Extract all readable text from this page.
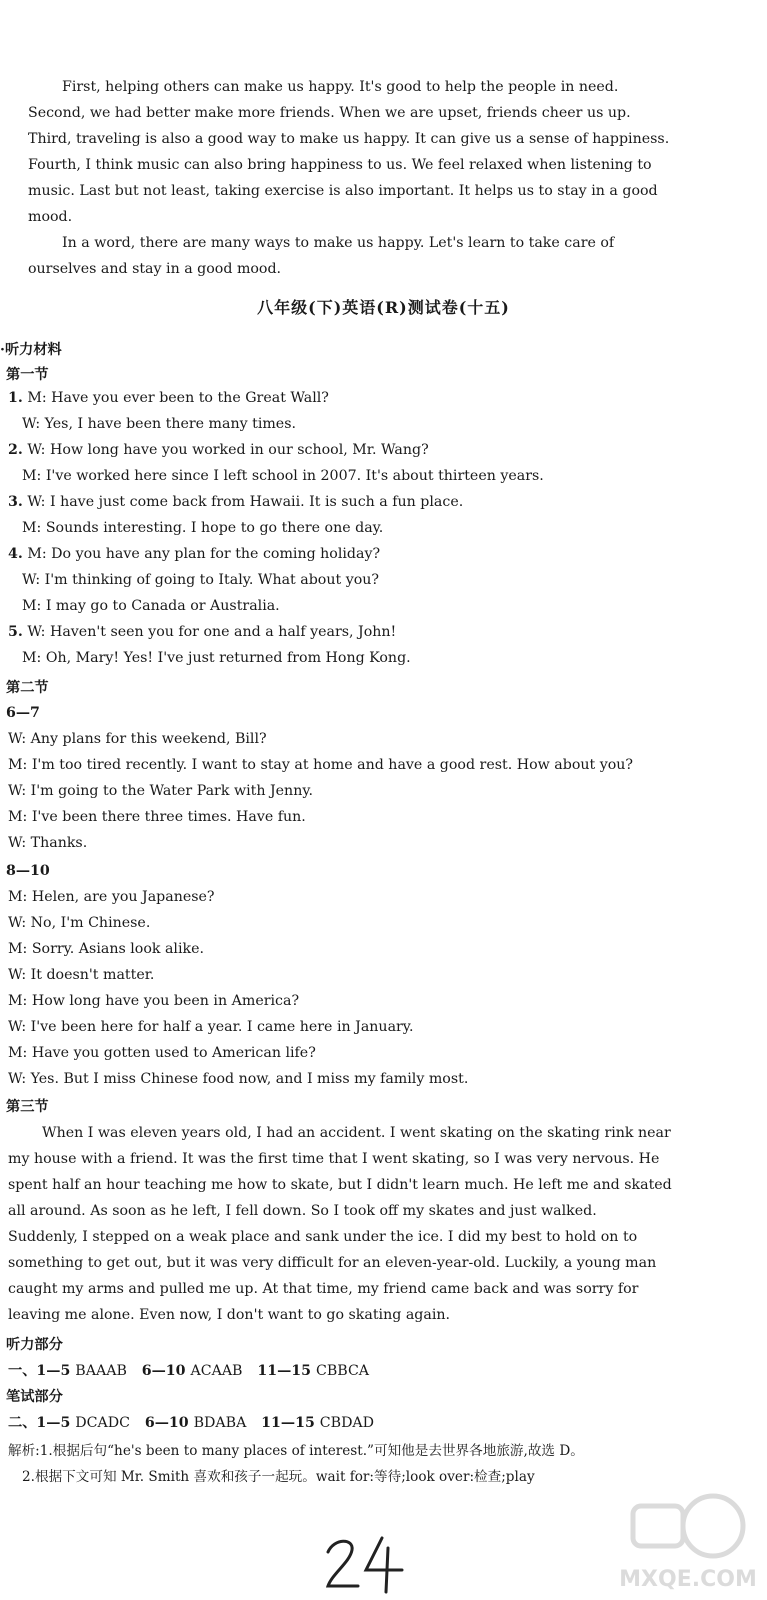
First, helping others can make us happy. It's good to help the people in need.
Second, we had better make more friends. When we are upset, friends cheer us up.
Third, traveling is also a good way to make us happy. It can give us a sense of happiness.
Fourth, I think music can also bring happiness to us. We feel relaxed when listening to
music. Last but not least, taking exercise is also important. It helps us to stay in a good
mood.
In a word, there are many ways to make us happy. Let's learn to take care of
ourselves and stay in a good mood.
八年级(下)英语(R)测试卷(十五)
·听力材料
第一节
1. M: Have you ever been to the Great Wall?
W: Yes, I have been there many times.
2. W: How long have you worked in our school, Mr. Wang?
M: I've worked here since I left school in 2007. It's about thirteen years.
3. W: I have just come back from Hawaii. It is such a fun place.
M: Sounds interesting. I hope to go there one day.
4. M: Do you have any plan for the coming holiday?
W: I'm thinking of going to Italy. What about you?
M: I may go to Canada or Australia.
5. W: Haven't seen you for one and a half years, John!
M: Oh, Mary! Yes! I've just returned from Hong Kong.
第二节
6—7
W: Any plans for this weekend, Bill?
M: I'm too tired recently. I want to stay at home and have a good rest. How about you?
W: I'm going to the Water Park with Jenny.
M: I've been there three times. Have fun.
W: Thanks.
8—10
M: Helen, are you Japanese?
W: No, I'm Chinese.
M: Sorry. Asians look alike.
W: It doesn't matter.
M: How long have you been in America?
W: I've been here for half a year. I came here in January.
M: Have you gotten used to American life?
W: Yes. But I miss Chinese food now, and I miss my family most.
第三节
When I was eleven years old, I had an accident. I went skating on the skating rink near
my house with a friend. It was the first time that I went skating, so I was very nervous. He
spent half an hour teaching me how to skate, but I didn't learn much. He left me and skated
all around. As soon as he left, I fell down. So I took off my skates and just walked.
Suddenly, I stepped on a weak place and sank under the ice. I did my best to hold on to
something to get out, but it was very difficult for an eleven-year-old. Luckily, a young man
caught my arms and pulled me up. At that time, my friend came back and was sorry for
leaving me alone. Even now, I don't want to go skating again.
听力部分
一、1—5 BAAAB 6—10 ACAAB 11—15 CBBCA
笔试部分
二、1—5 DCADC 6—10 BDABA 11—15 CBDAD
解析:1.根据后句“he's been to many places of interest.”可知他是去世界各地旅游,故选 D。
2.根据下文可知 Mr. Smith 喜欢和孩子一起玩。wait for:等待;look over:检查;play
MXQE.COM
